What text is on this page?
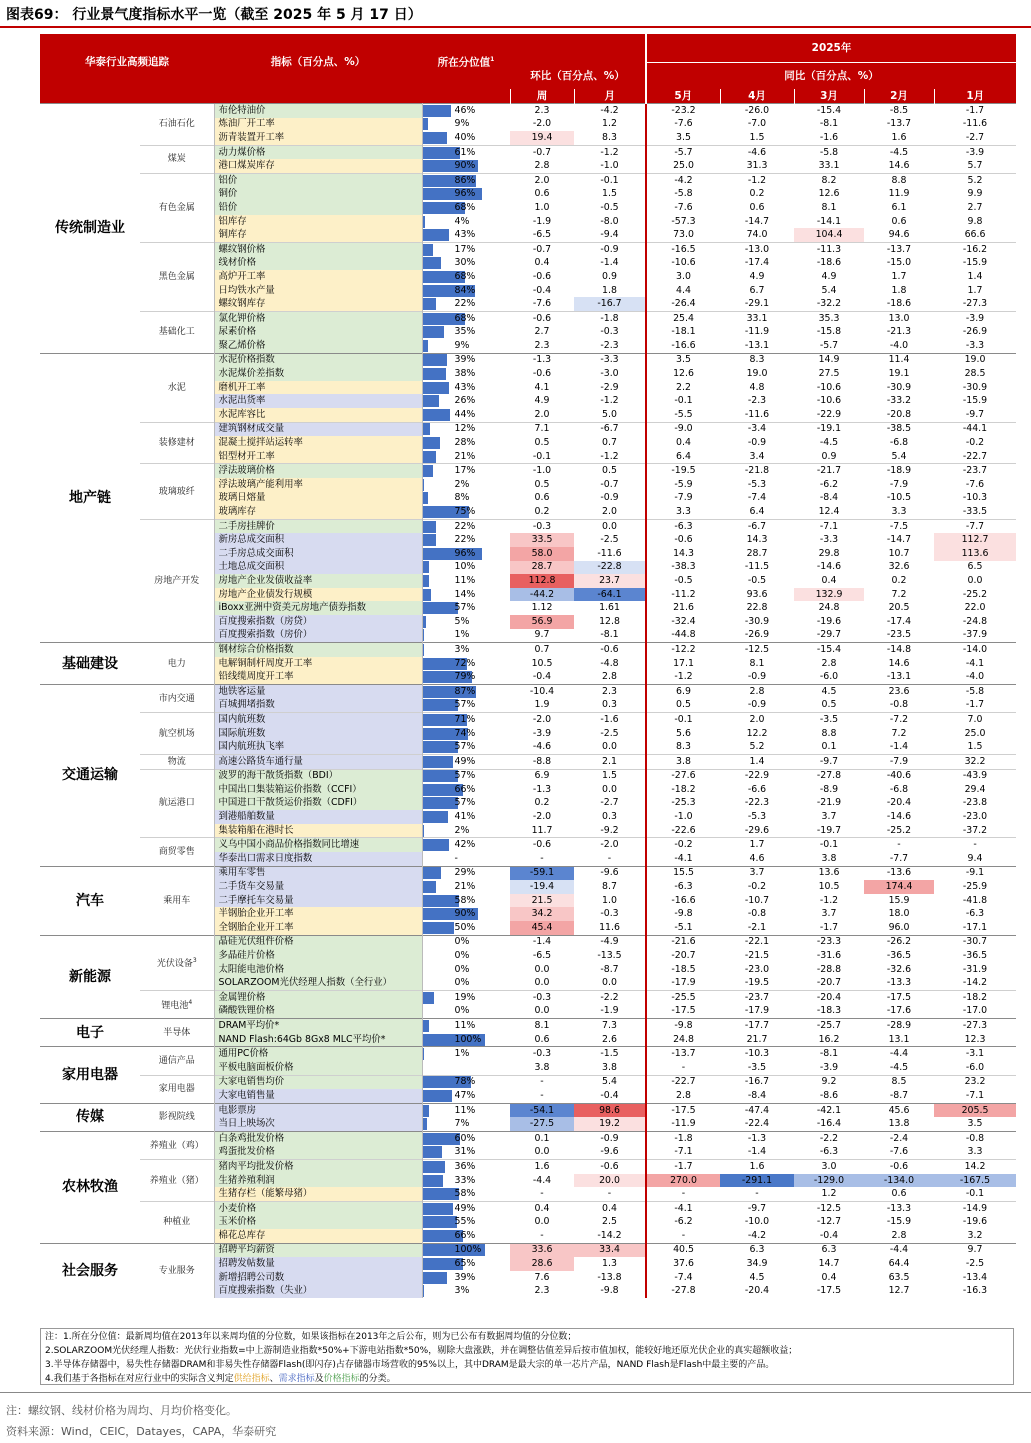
图表69： 行业景气度指标水平一览（截至 2025 年 5 月 17 日）
华泰行业高频追踪		指标（百分点、%）	所在分位值$^1$			2025年				
				环比（百分点、%）		同比（百分点、%）				
				周	月	5月	4月	3月	2月	1月
传统制造业	石油石化	布伦特油价	46%	2.3	-4.2	-23.2	-26.0	-15.4	-8.5	-1.7
		炼油厂开工率	9%	-2.0	1.2	-7.6	-7.0	-8.1	-13.7	-11.6
		沥青装置开工率	40%	19.4	8.3	3.5	1.5	-1.6	1.6	-2.7
	煤炭	动力煤价格	61%	-0.7	-1.2	-5.7	-4.6	-5.8	-4.5	-3.9
		港口煤炭库存	90%	2.8	-1.0	25.0	31.3	33.1	14.6	5.7
	有色金属	铝价	86%	2.0	-0.1	-4.2	-1.2	8.2	8.8	5.2
		铜价	96%	0.6	1.5	-5.8	0.2	12.6	11.9	9.9
		铅价	68%	1.0	-0.5	-7.6	0.6	8.1	6.1	2.7
		铝库存	4%	-1.9	-8.0	-57.3	-14.7	-14.1	0.6	9.8
		铜库存	43%	-6.5	-9.4	73.0	74.0	104.4	94.6	66.6
	黑色金属	螺纹钢价格	17%	-0.7	-0.9	-16.5	-13.0	-11.3	-13.7	-16.2
		线材价格	30%	0.4	-1.4	-10.6	-17.4	-18.6	-15.0	-15.9
		高炉开工率	68%	-0.6	0.9	3.0	4.9	4.9	1.7	1.4
		日均铁水产量	84%	-0.4	1.8	4.4	6.7	5.4	1.8	1.7
		螺纹钢库存	22%	-7.6	-16.7	-26.4	-29.1	-32.2	-18.6	-27.3
	基础化工	氯化钾价格	68%	-0.6	-1.8	25.4	33.1	35.3	13.0	-3.9
		尿素价格	35%	2.7	-0.3	-18.1	-11.9	-15.8	-21.3	-26.9
		聚乙烯价格	9%	2.3	-2.3	-16.6	-13.1	-5.7	-4.0	-3.3
地产链	水泥	水泥价格指数	39%	-1.3	-3.3	3.5	8.3	14.9	11.4	19.0
		水泥煤价差指数	38%	-0.6	-3.0	12.6	19.0	27.5	19.1	28.5
		磨机开工率	43%	4.1	-2.9	2.2	4.8	-10.6	-30.9	-30.9
		水泥出货率	26%	4.9	-1.2	-0.1	-2.3	-10.6	-33.2	-15.9
		水泥库容比	44%	2.0	5.0	-5.5	-11.6	-22.9	-20.8	-9.7
	装修建材	建筑钢材成交量	12%	7.1	-6.7	-9.0	-3.4	-19.1	-38.5	-44.1
		混凝土搅拌站运转率	28%	0.5	0.7	0.4	-0.9	-4.5	-6.8	-0.2
		铝型材开工率	21%	-0.1	-1.2	6.4	3.4	0.9	5.4	-22.7
	玻璃玻纤	浮法玻璃价格	17%	-1.0	0.5	-19.5	-21.8	-21.7	-18.9	-23.7
		浮法玻璃产能利用率	2%	0.5	-0.7	-5.9	-5.3	-6.2	-7.9	-7.6
		玻璃日熔量	8%	0.6	-0.9	-7.9	-7.4	-8.4	-10.5	-10.3
		玻璃库存	75%	0.2	2.0	3.3	6.4	12.4	3.3	-33.5
	房地产开发	二手房挂牌价	22%	-0.3	0.0	-6.3	-6.7	-7.1	-7.5	-7.7
		新房总成交面积	22%	33.5	-2.5	-0.6	14.3	-3.3	-14.7	112.7
		二手房总成交面积	96%	58.0	-11.6	14.3	28.7	29.8	10.7	113.6
		土地总成交面积	10%	28.7	-22.8	-38.3	-11.5	-14.6	32.6	6.5
		房地产企业发债收益率	11%	112.8	23.7	-0.5	-0.5	0.4	0.2	0.0
		房地产企业债发行规模	14%	-44.2	-64.1	-11.2	93.6	132.9	7.2	-25.2
		iBoxx亚洲中资美元房地产债券指数	57%	1.12	1.61	21.6	22.8	24.8	20.5	22.0
		百度搜索指数（房贷）	5%	56.9	12.8	-32.4	-30.9	-19.6	-17.4	-24.8
		百度搜索指数（房价）	1%	9.7	-8.1	-44.8	-26.9	-29.7	-23.5	-37.9
基础建设	电力	钢材综合价格指数	3%	0.7	-0.6	-12.2	-12.5	-15.4	-14.8	-14.0
		电解铜制杆周度开工率	72%	10.5	-4.8	17.1	8.1	2.8	14.6	-4.1
		铅线缆周度开工率	79%	-0.4	2.8	-1.2	-0.9	-6.0	-13.1	-4.0
交通运输	市内交通	地铁客运量	87%	-10.4	2.3	6.9	2.8	4.5	23.6	-5.8
		百城拥堵指数	57%	1.9	0.3	0.5	-0.9	0.5	-0.8	-1.7
	航空机场	国内航班数	71%	-2.0	-1.6	-0.1	2.0	-3.5	-7.2	7.0
		国际航班数	74%	-3.9	-2.5	5.6	12.2	8.8	7.2	25.0
		国内航班执飞率	57%	-4.6	0.0	8.3	5.2	0.1	-1.4	1.5
	物流	高速公路货车通行量	49%	-8.8	2.1	3.8	1.4	-9.7	-7.9	32.2
	航运港口	波罗的海干散货指数（BDI）	57%	6.9	1.5	-27.6	-22.9	-27.8	-40.6	-43.9
		中国出口集装箱运价指数（CCFI）	66%	-1.3	0.0	-18.2	-6.6	-8.9	-6.8	29.4
		中国进口干散货运价指数（CDFI）	57%	0.2	-2.7	-25.3	-22.3	-21.9	-20.4	-23.8
		到港船舶数量	41%	-2.0	0.3	-1.0	-5.3	3.7	-14.6	-23.0
		集装箱船在港时长	2%	11.7	-9.2	-22.6	-29.6	-19.7	-25.2	-37.2
	商贸零售	义乌中国小商品价格指数同比增速	42%	-0.6	-2.0	-0.2	1.7	-0.1	-	-
		华泰出口需求日度指数	-	-	-	-4.1	4.6	3.8	-7.7	9.4
汽车	乘用车	乘用车零售	29%	-59.1	-9.6	15.5	3.7	13.6	-13.6	-9.1
		二手货车交易量	21%	-19.4	8.7	-6.3	-0.2	10.5	174.4	-25.9
		二手摩托车交易量	58%	21.5	1.0	-16.6	-10.7	-1.2	15.9	-41.8
		半钢胎企业开工率	90%	34.2	-0.3	-9.8	-0.8	3.7	18.0	-6.3
		全钢胎企业开工率	50%	45.4	11.6	-5.1	-2.1	-1.7	96.0	-17.1
新能源	光伏设备$^3$	晶硅光伏组件价格	0%	-1.4	-4.9	-21.6	-22.1	-23.3	-26.2	-30.7
		多晶硅片价格	0%	-6.5	-13.5	-20.7	-21.5	-31.6	-36.5	-36.5
		太阳能电池价格	0%	0.0	-8.7	-18.5	-23.0	-28.8	-32.6	-31.9
		SOLARZOOM光伏经理人指数（全行业）	0%	0.0	0.0	-17.9	-19.5	-20.7	-13.3	-14.2
	锂电池$^4$	金属锂价格	19%	-0.3	-2.2	-25.5	-23.7	-20.4	-17.5	-18.2
		磷酸铁锂价格	0%	0.0	-1.9	-17.5	-17.9	-18.3	-17.6	-17.0
电子	半导体	DRAM平均价*	11%	8.1	7.3	-9.8	-17.7	-25.7	-28.9	-27.3
		NAND Flash:64Gb 8Gx8 MLC平均价*	100%	0.6	2.6	24.8	21.7	16.2	13.1	12.3
家用电器	通信产品	通用PC价格	1%	-0.3	-1.5	-13.7	-10.3	-8.1	-4.4	-3.1
		平板电脑面板价格		3.8	3.8	-	-3.5	-3.9	-4.5	-6.0
	家用电器	大家电销售均价	78%	-	5.4	-22.7	-16.7	9.2	8.5	23.2
		大家电销售量	47%	-	-0.4	2.8	-8.4	-8.6	-8.7	-7.1
传媒	影视院线	电影票房	11%	-54.1	98.6	-17.5	-47.4	-42.1	45.6	205.5
		当日上映场次	7%	-27.5	19.2	-11.9	-22.4	-16.4	13.8	3.5
农林牧渔	养殖业（鸡）	白条鸡批发价格	60%	0.1	-0.9	-1.8	-1.3	-2.2	-2.4	-0.8
		鸡蛋批发价格	31%	0.0	-9.6	-7.1	-1.4	-6.3	-7.6	3.3
	养殖业（猪）	猪肉平均批发价格	36%	1.6	-0.6	-1.7	1.6	3.0	-0.6	14.2
		生猪养殖利润	33%	-4.4	20.0	270.0	-291.1	-129.0	-134.0	-167.5
		生猪存栏（能繁母猪）	58%	-	-	-	-	1.2	0.6	-0.1
	种植业	小麦价格	49%	0.4	0.4	-4.1	-9.7	-12.5	-13.3	-14.9
		玉米价格	55%	0.0	2.5	-6.2	-10.0	-12.7	-15.9	-19.6
		棉花总库存	66%	-	-14.2	-	-4.2	-0.4	2.8	3.2
社会服务	专业服务	招聘平均薪资	100%	33.6	33.4	40.5	6.3	6.3	-4.4	9.7
		招聘发帖数量	65%	28.6	1.3	37.6	34.9	14.7	64.4	-2.5
		新增招聘公司数	39%	7.6	-13.8	-7.4	4.5	0.4	63.5	-13.4
		百度搜索指数（失业）	3%	2.3	-9.8	-27.8	-20.4	-17.5	12.7	-16.3
注：1.所在分位值：最新周均值在2013年以来周均值的分位数，如果该指标在2013年之后公布，则为已公布有数据周均值的分位数；
2.SOLARZOOM光伏经理人指数：光伏行业指数=中上游制造业指数*50%+下游电站指数*50%，剔除大盘涨跌，并在调整估值差异后按市值加权，能较好地还原光伏企业的真实超额收益；
3.半导体存储器中，易失性存储器DRAM和非易失性存储器Flash(即闪存)占存储器市场营收的95%以上，其中DRAM是最大宗的单一芯片产品，NAND Flash是Flash中最主要的产品。
4.我们基于各指标在对应行业中的实际含义判定供给指标、需求指标及价格指标的分类。
注：螺纹钢、线材价格为周均、月均价格变化。
资料来源：Wind，CEIC，Datayes，CAPA，华泰研究
